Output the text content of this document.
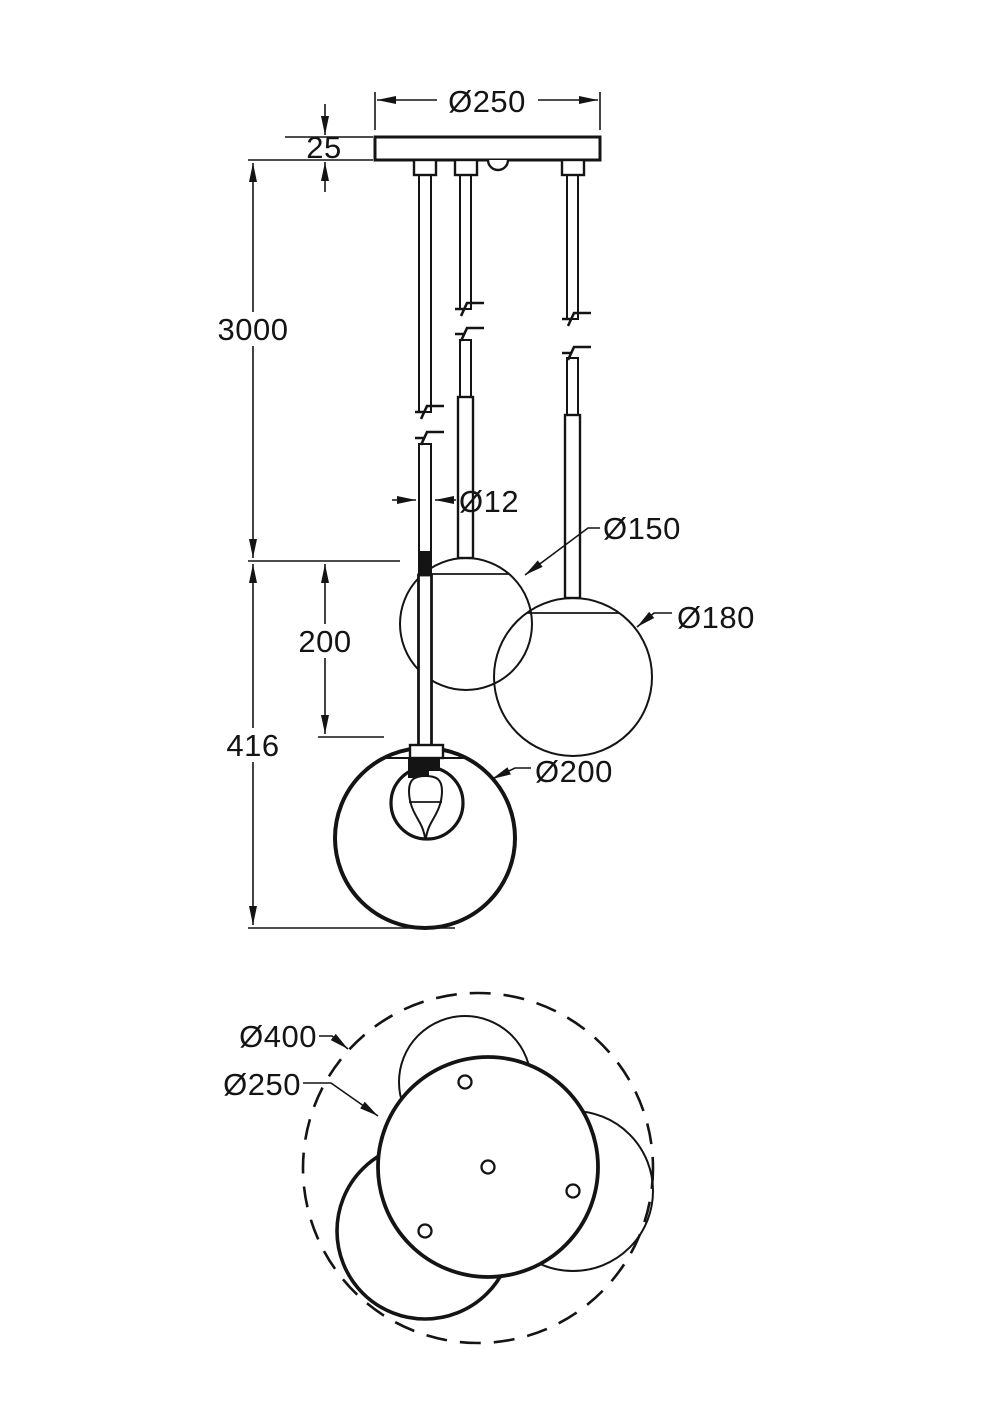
Ø250
25
3000
416
200
Ø12
Ø150
Ø180
Ø200
Ø400
Ø250
